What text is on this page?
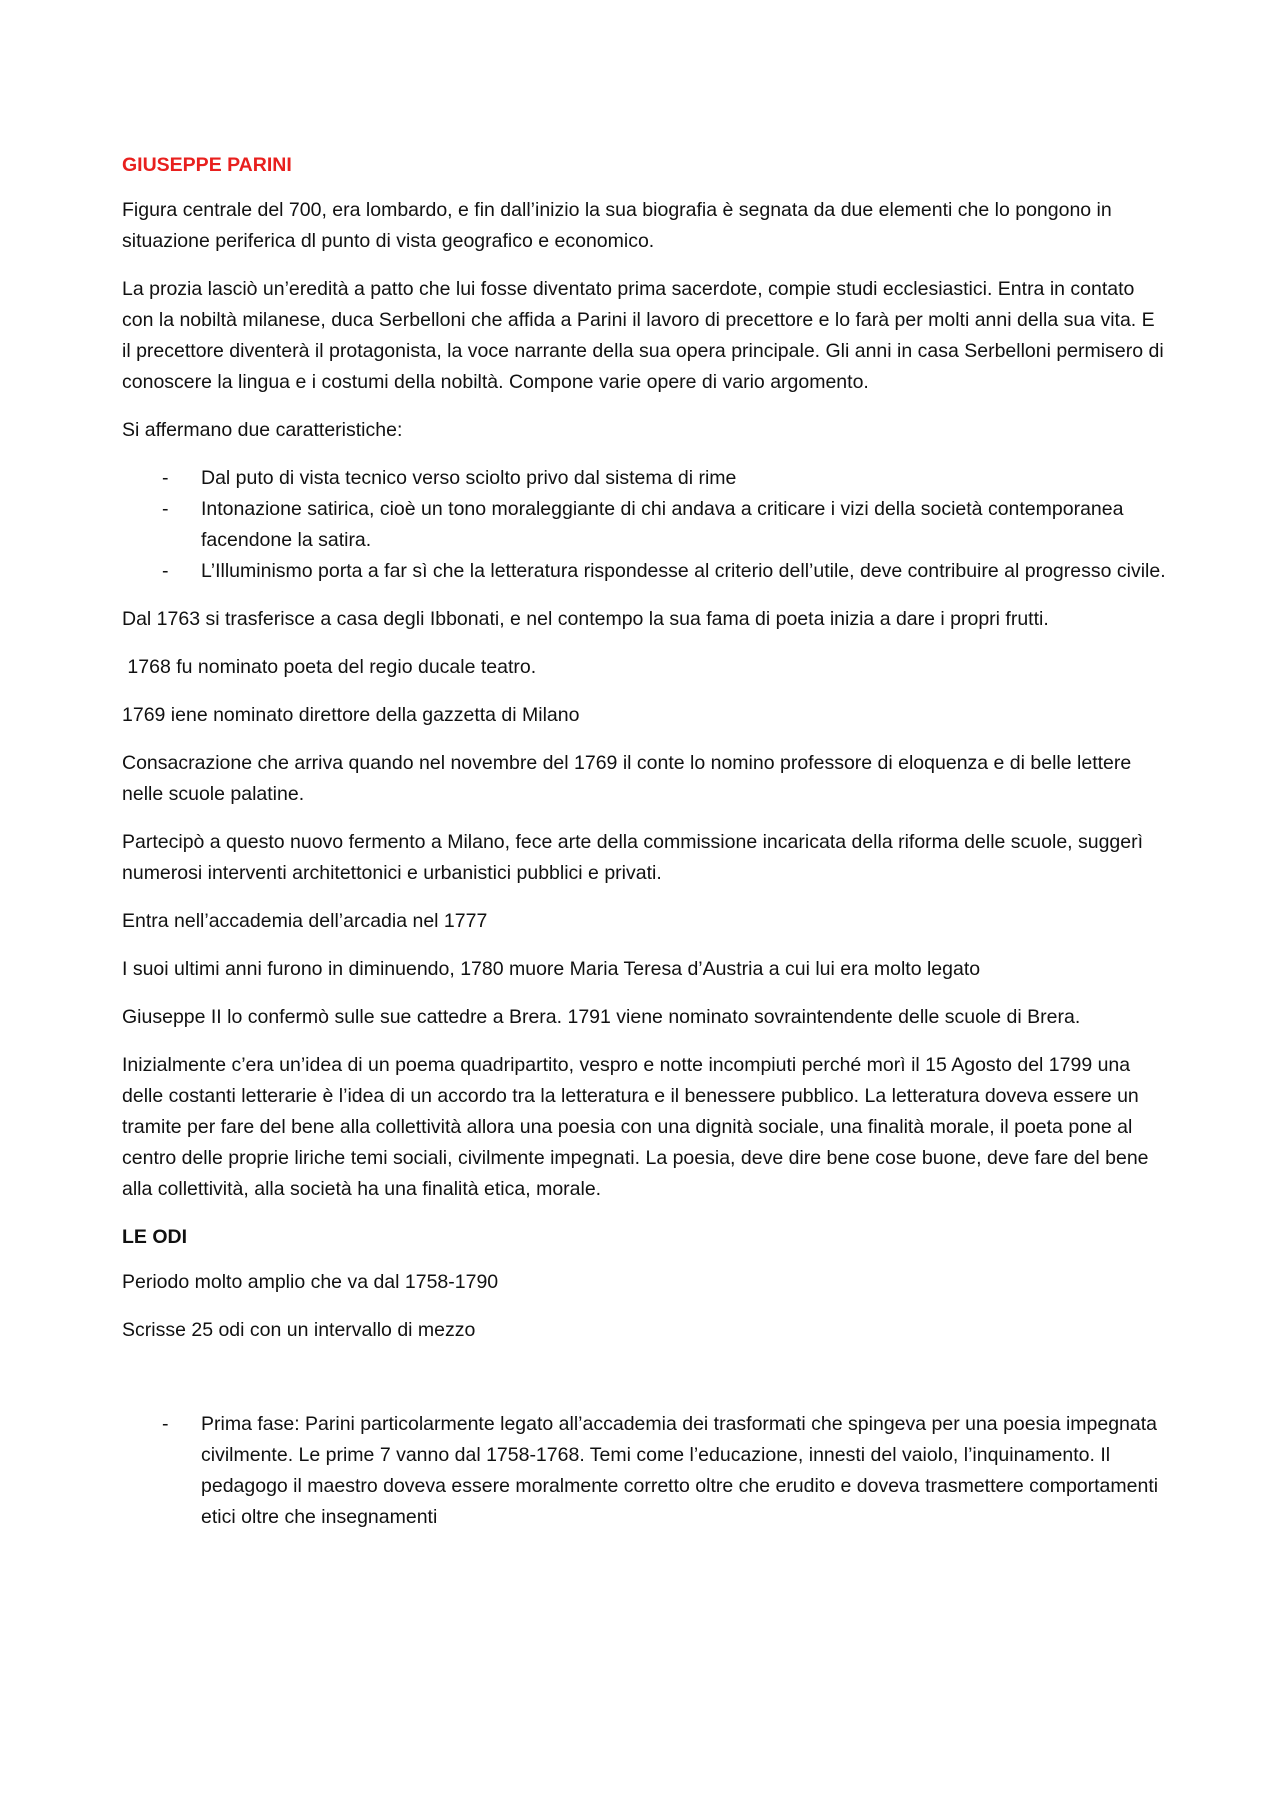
GIUSEPPE PARINI

Figura centrale del 700, era lombardo, e fin dall’inizio la sua biografia è segnata da due elementi che lo pongono in situazione periferica dl punto di vista geografico e economico.

La prozia lasciò un’eredità a patto che lui fosse diventato prima sacerdote, compie studi ecclesiastici. Entra in contato con la nobiltà milanese, duca Serbelloni che affida a Parini il lavoro di precettore e lo farà per molti anni della sua vita. E il precettore diventerà il protagonista, la voce narrante della sua opera principale. Gli anni in casa Serbelloni permisero di conoscere la lingua e i costumi della nobiltà. Compone varie opere di vario argomento.

Si affermano due caratteristiche:

- Dal puto di vista tecnico verso sciolto privo dal sistema di rime
- Intonazione satirica, cioè un tono moraleggiante di chi andava a criticare i vizi della società contemporanea facendone la satira.
- L’Illuminismo porta a far sì che la letteratura rispondesse al criterio dell’utile, deve contribuire al progresso civile.

Dal 1763 si trasferisce a casa degli Ibbonati, e nel contempo la sua fama di poeta inizia a dare i propri frutti.

1768 fu nominato poeta del regio ducale teatro.

1769 iene nominato direttore della gazzetta di Milano

Consacrazione che arriva quando nel novembre del 1769 il conte lo nomino professore di eloquenza e di belle lettere nelle scuole palatine.

Partecipò a questo nuovo fermento a Milano, fece arte della commissione incaricata della riforma delle scuole, suggerì numerosi interventi architettonici e urbanistici pubblici e privati.

Entra nell’accademia dell’arcadia nel 1777

I suoi ultimi anni furono in diminuendo, 1780 muore Maria Teresa d’Austria a cui lui era molto legato

Giuseppe II lo confermò sulle sue cattedre a Brera. 1791 viene nominato sovraintendente delle scuole di Brera.

Inizialmente c’era un’idea di un poema quadripartito, vespro e notte incompiuti perché morì il 15 Agosto del 1799 una delle costanti letterarie è l’idea di un accordo tra la letteratura e il benessere pubblico. La letteratura doveva essere un tramite per fare del bene alla collettività allora una poesia con una dignità sociale, una finalità morale, il poeta pone al centro delle proprie liriche temi sociali, civilmente impegnati. La poesia, deve dire bene cose buone, deve fare del bene alla collettività, alla società ha una finalità etica, morale.

LE ODI

Periodo molto amplio che va dal 1758-1790

Scrisse 25 odi con un intervallo di mezzo

- Prima fase: Parini particolarmente legato all’accademia dei trasformati che spingeva per una poesia impegnata civilmente. Le prime 7 vanno dal 1758-1768. Temi come l’educazione, innesti del vaiolo, l’inquinamento. Il pedagogo il maestro doveva essere moralmente corretto oltre che erudito e doveva trasmettere comportamenti etici oltre che insegnamenti
